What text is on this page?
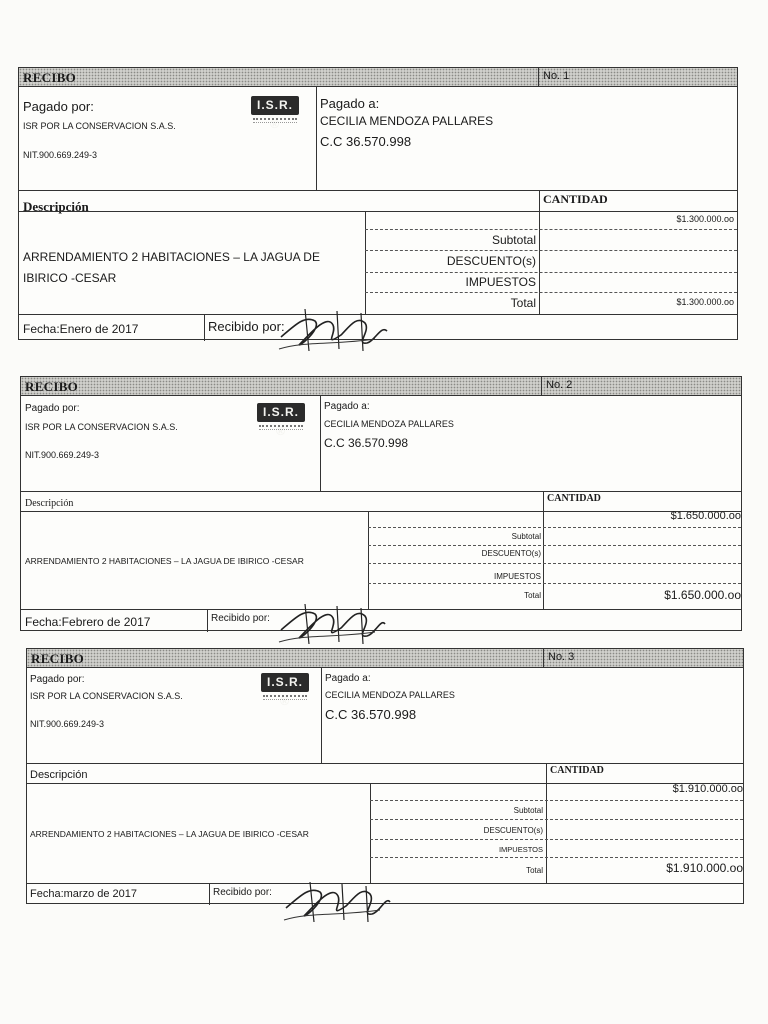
RECIBO	No. 1
Pagado por:
ISR POR LA CONSERVACION S.A.S.
NIT.900.669.249-3
I.S.R. ®
Pagado a:
CECILIA MENDOZA PALLARES
C.C 36.570.998
Descripción	CANTIDAD
$1.300.000.oo
ARRENDAMIENTO 2 HABITACIONES – LA JAGUA DE
IBIRICO -CESAR
Subtotal
DESCUENTO(s)
IMPUESTOS
Total	$1.300.000.oo
Fecha:Enero de 2017	Recibido por:
RECIBO	No. 2
Pagado por:
ISR POR LA CONSERVACION S.A.S.
NIT.900.669.249-3
I.S.R. ®
Pagado a:
CECILIA MENDOZA PALLARES
C.C 36.570.998
Descripción	CANTIDAD
$1.650.000.oo
ARRENDAMIENTO 2 HABITACIONES – LA JAGUA DE IBIRICO -CESAR
Subtotal
DESCUENTO(s)
IMPUESTOS
Total	$1.650.000.oo
Fecha:Febrero de 2017	Recibido por:
RECIBO	No. 3
Pagado por:
ISR POR LA CONSERVACION S.A.S.
NIT.900.669.249-3
I.S.R. ®
Pagado a:
CECILIA MENDOZA PALLARES
C.C 36.570.998
Descripción	CANTIDAD
$1.910.000.oo
ARRENDAMIENTO 2 HABITACIONES – LA JAGUA DE IBIRICO -CESAR
Subtotal
DESCUENTO(s)
IMPUESTOS
Total	$1.910.000.oo
Fecha:marzo de 2017	Recibido por:
